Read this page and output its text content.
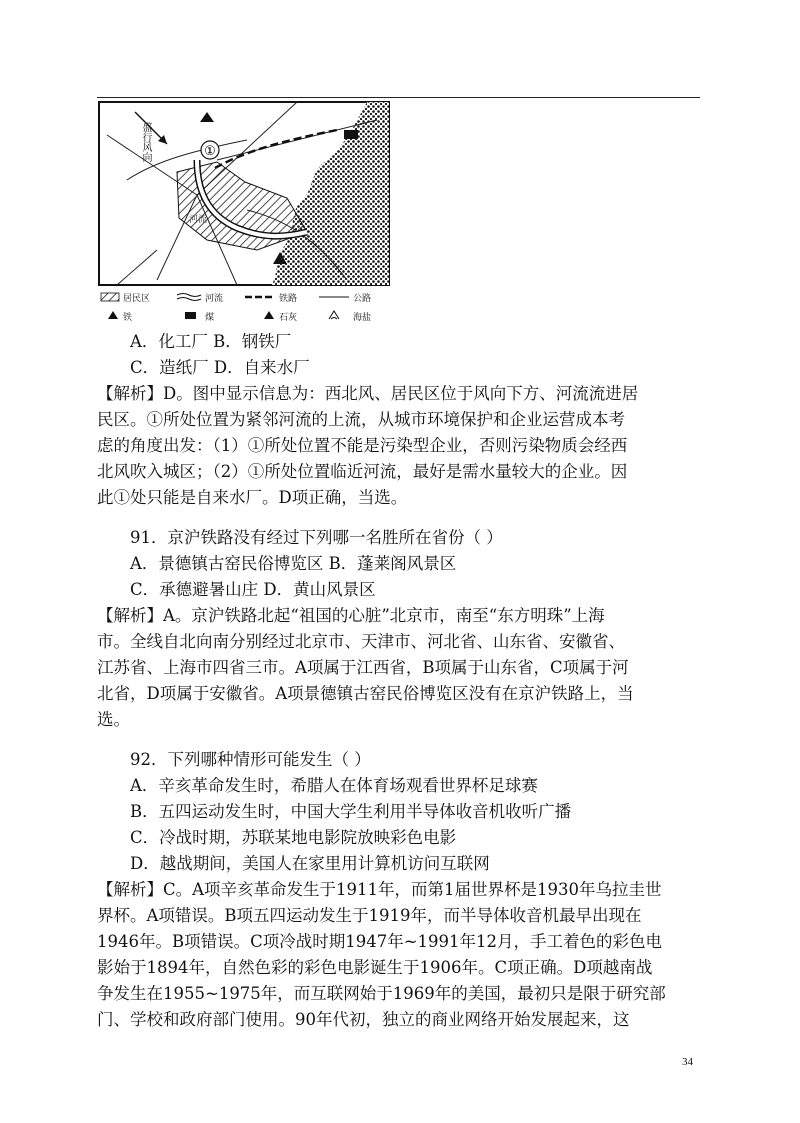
①
盛行风向
河流
居民区	河流	铁路	公路
铁	煤	石灰	海盐
A．化工厂 B．钢铁厂
C．造纸厂 D．自来水厂
【解析】D。图中显示信息为：西北风、居民区位于风向下方、河流流进居
民区。①所处位置为紧邻河流的上流，从城市环境保护和企业运营成本考
虑的角度出发：（1）①所处位置不能是污染型企业，否则污染物质会经西
北风吹入城区；（2）①所处位置临近河流，最好是需水量较大的企业。因
此①处只能是自来水厂。D项正确，当选。
91．京沪铁路没有经过下列哪一名胜所在省份（ ）
A．景德镇古窑民俗博览区 B．蓬莱阁风景区
C．承德避暑山庄 D．黄山风景区
【解析】A。京沪铁路北起“祖国的心脏”北京市，南至“东方明珠”上海
市。全线自北向南分别经过北京市、天津市、河北省、山东省、安徽省、
江苏省、上海市四省三市。A项属于江西省，B项属于山东省，C项属于河
北省，D项属于安徽省。A项景德镇古窑民俗博览区没有在京沪铁路上，当
选。
92．下列哪种情形可能发生（ ）
A．辛亥革命发生时，希腊人在体育场观看世界杯足球赛
B．五四运动发生时，中国大学生利用半导体收音机收听广播
C．冷战时期，苏联某地电影院放映彩色电影
D．越战期间，美国人在家里用计算机访问互联网
【解析】C。A项辛亥革命发生于1911年，而第1届世界杯是1930年乌拉圭世
界杯。A项错误。B项五四运动发生于1919年，而半导体收音机最早出现在
1946年。B项错误。C项冷战时期1947年~1991年12月，手工着色的彩色电
影始于1894年，自然色彩的彩色电影诞生于1906年。C项正确。D项越南战
争发生在1955~1975年，而互联网始于1969年的美国，最初只是限于研究部
门、学校和政府部门使用。90年代初，独立的商业网络开始发展起来，这
34
